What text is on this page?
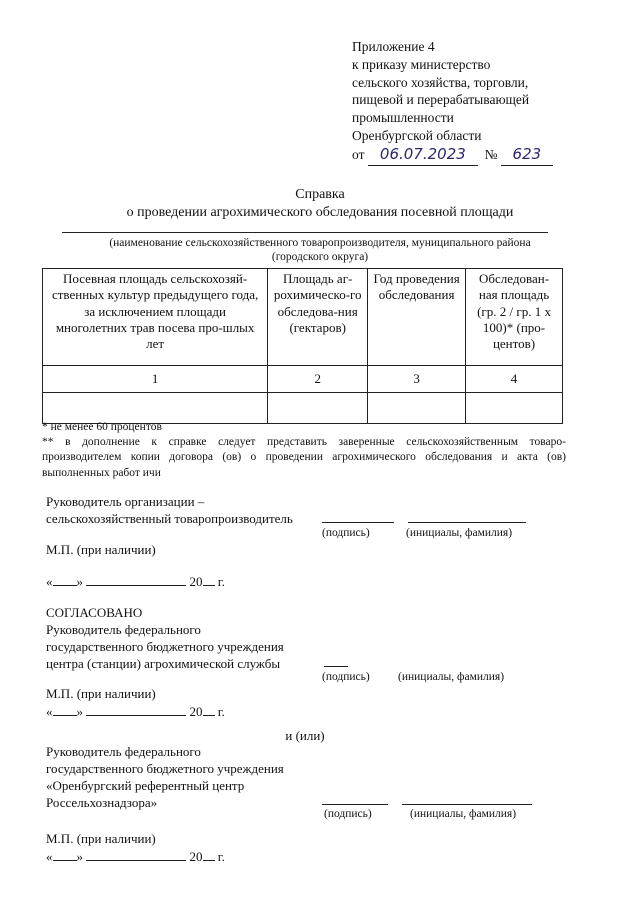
Приложение 4
к приказу министерство
сельского хозяйства, торговли,
пищевой и перерабатывающей
промышленности
Оренбургской области
от 06.07.2023 № 623
Справка
о проведении агрохимического обследования посевной площади
(наименование сельскохозяйственного товаропроизводителя, муниципального района
(городского округа)
Посевная площадь сельскохозяй-ственных культур предыдущего года, за исключением площади многолетних трав посева про-шлых лет	Площадь аг-рохимическо-го обследова-ния (гектаров)	Год проведения обследования	Обследован-ная площадь (гр. 2 / гр. 1 х 100)* (про-центов)
1	2	3	4

* не менее 60 процентов
** в дополнение к справке следует представить заверенные сельскохозяйственным товаро-производителем копии договора (ов) о проведении агрохимического обследования и акта (ов) выполненных работ ичи
Руководитель организации –
сельскохозяйственный товаропроизводитель
(подпись)	(инициалы, фамилия)
М.П. (при наличии)
« »	20 г.
СОГЛАСОВАНО
Руководитель федерального
государственного бюджетного учреждения
центра (станции) агрохимической службы
(подпись) (инициалы, фамилия)
М.П. (при наличии)
« »	20 г.
и (или)
Руководитель федерального
государственного бюджетного учреждения
«Оренбургский референтный центр
Россельхознадзора»
(подпись)	(инициалы, фамилия)
М.П. (при наличии)
« »	20 г.
